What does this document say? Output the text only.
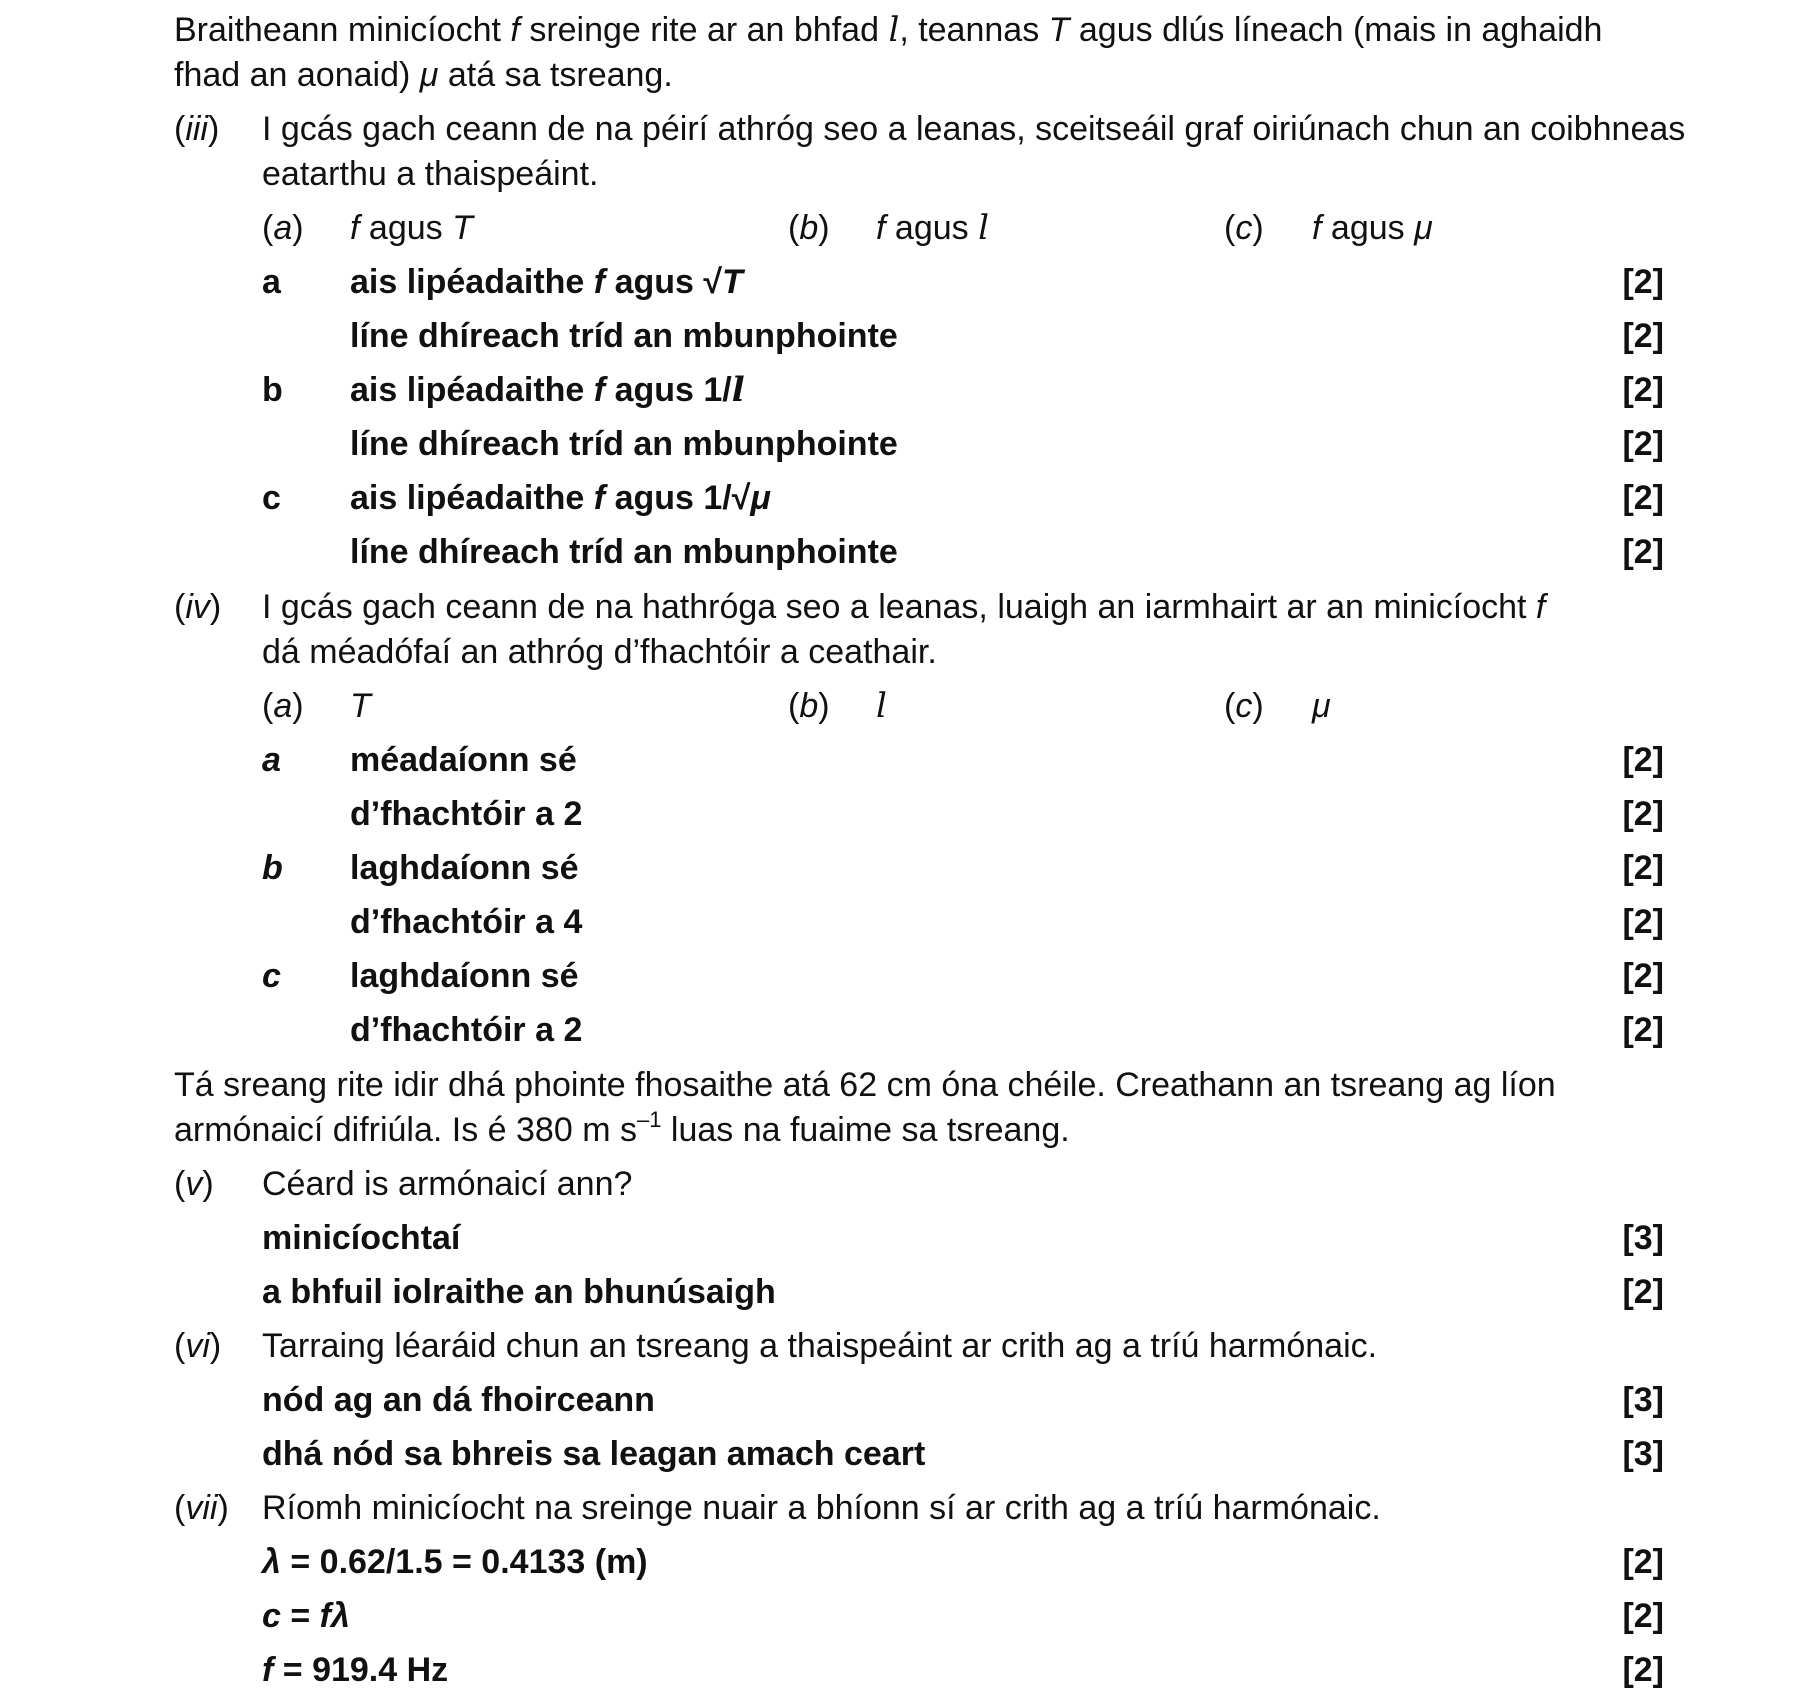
Braitheann minicíocht f sreinge rite ar an bhfad l, teannas T agus dlús líneach (mais in aghaidh
fhad an aonaid) μ atá sa tsreang.
(iii) I gcás gach ceann de na péirí athróg seo a leanas, sceitseáil graf oiriúnach chun an coibhneas
eatarthu a thaispeáint.
(a) f agus T	(b) f agus l	(c) f agus μ
a	ais lipéadaithe f agus √T	[2]
líne dhíreach tríd an mbunphointe	[2]
b	ais lipéadaithe f agus 1/l	[2]
líne dhíreach tríd an mbunphointe	[2]
c	ais lipéadaithe f agus 1/√μ	[2]
líne dhíreach tríd an mbunphointe	[2]
(iv) I gcás gach ceann de na hathróga seo a leanas, luaigh an iarmhairt ar an minicíocht f
dá méadófaí an athróg d’fhachtóir a ceathair.
(a) T	(b) l	(c) μ
a	méadaíonn sé	[2]
d’fhachtóir a 2	[2]
b	laghdaíonn sé	[2]
d’fhachtóir a 4	[2]
c	laghdaíonn sé	[2]
d’fhachtóir a 2	[2]
Tá sreang rite idir dhá phointe fhosaithe atá 62 cm óna chéile. Creathann an tsreang ag líon
armónaicí difriúla. Is é 380 m $s^{-1}$ luas na fuaime sa tsreang.
(v) Céard is armónaicí ann?
minicíochtaí	[3]
a bhfuil iolraithe an bhunúsaigh	[2]
(vi) Tarraing léaráid chun an tsreang a thaispeáint ar crith ag a tríú harmónaic.
nód ag an dá fhoirceann	[3]
dhá nód sa bhreis sa leagan amach ceart	[3]
(vii) Ríomh minicíocht na sreinge nuair a bhíonn sí ar crith ag a tríú harmónaic.
λ = 0.62/1.5 = 0.4133 (m)	[2]
c = fλ	[2]
f = 919.4 Hz	[2]
